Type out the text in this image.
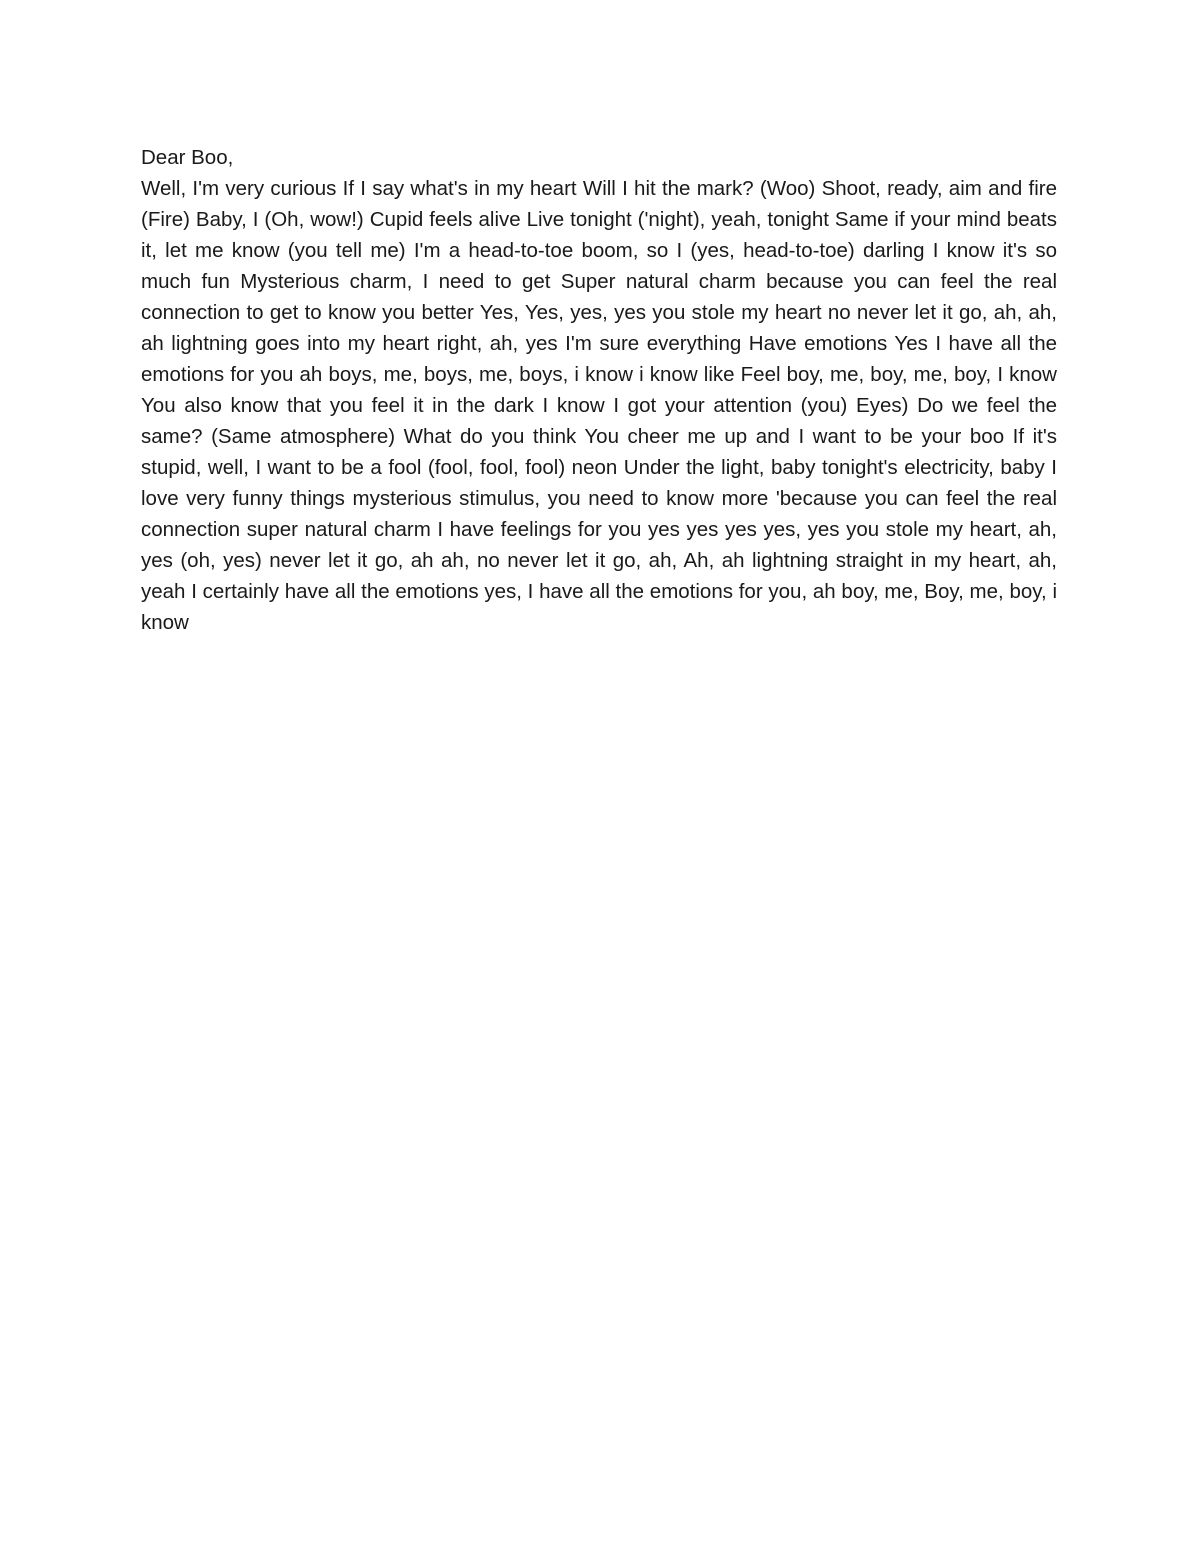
Dear Boo,

Well, I'm very curious If I say what's in my heart Will I hit the mark? (Woo) Shoot, ready, aim and fire (Fire) Baby, I (Oh, wow!) Cupid feels alive Live tonight ('night), yeah, tonight Same if your mind beats it, let me know (you tell me) I'm a head-to-toe boom, so I (yes, head-to-toe) darling I know it's so much fun Mysterious charm, I need to get Super natural charm because you can feel the real connection to get to know you better Yes, Yes, yes, yes you stole my heart no never let it go, ah, ah, ah lightning goes into my heart right, ah, yes I'm sure everything Have emotions Yes I have all the emotions for you ah boys, me, boys, me, boys, i know i know like Feel boy, me, boy, me, boy, I know You also know that you feel it in the dark I know I got your attention (you) Eyes) Do we feel the same? (Same atmosphere) What do you think You cheer me up and I want to be your boo If it's stupid, well, I want to be a fool (fool, fool, fool) neon Under the light, baby tonight's electricity, baby I love very funny things mysterious stimulus, you need to know more 'because you can feel the real connection super natural charm I have feelings for you yes yes yes yes, yes you stole my heart, ah, yes (oh, yes) never let it go, ah ah, no never let it go, ah, Ah, ah lightning straight in my heart, ah, yeah I certainly have all the emotions yes, I have all the emotions for you, ah boy, me, Boy, me, boy, i know
